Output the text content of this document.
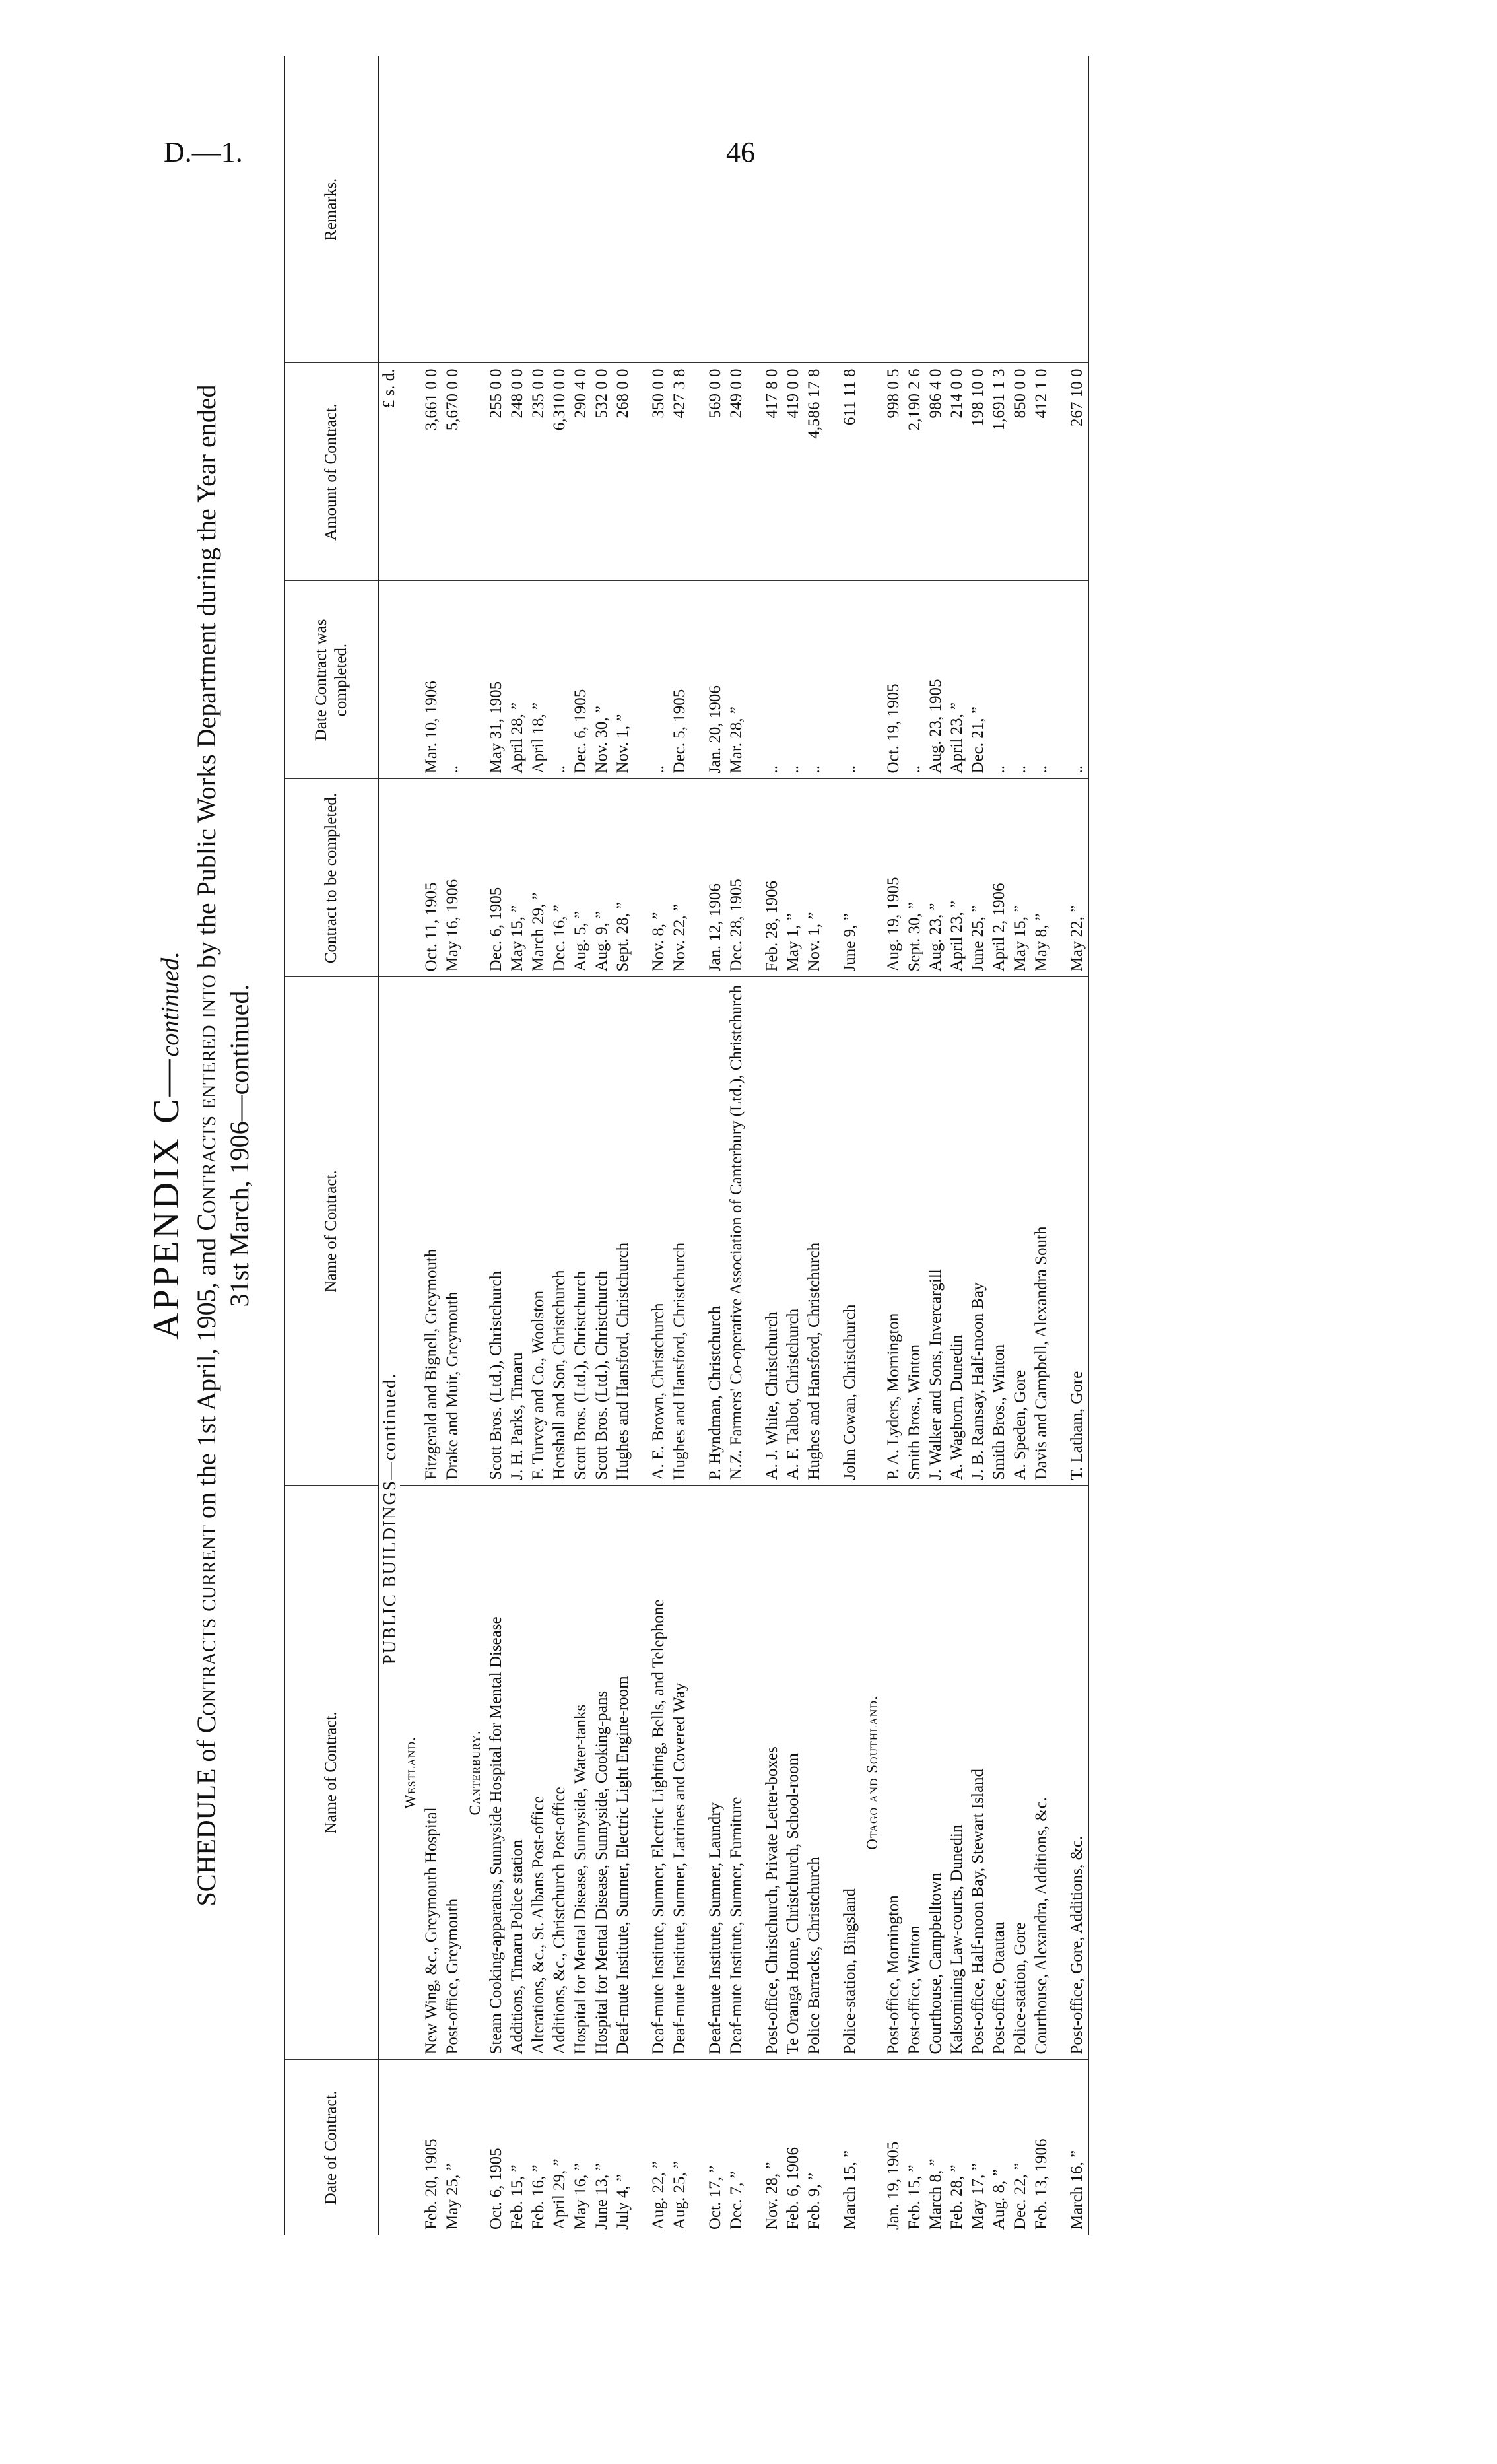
D.—1.	46
APPENDIX C—continued.
SCHEDULE of Contracts current on the 1st April, 1905, and Contracts entered into by the Public Works Department during the Year ended
31st March, 1906—continued.
Date of Contract.	Name of Contract.	Name of Contract.	Contract to be completed.	Date Contract was completed.	Amount of Contract.	Remarks.

	PUBLIC BUILDINGS—continued.				£ s. d.	

	Westland.					

Feb. 20, 1905	New Wing, &c., Greymouth Hospital	Fitzgerald and Bignell, Greymouth	Oct. 11, 1905	Mar. 10, 1906	3,661 0 0	
May 25, ”	Post-office, Greymouth	Drake and Muir, Greymouth	May 16, 1906	..	5,670 0 0	

	Canterbury.					

Oct. 6, 1905	Steam Cooking-apparatus, Sunnyside Hospital for Mental Disease	Scott Bros. (Ltd.), Christchurch	Dec. 6, 1905	May 31, 1905	255 0 0	
Feb. 15, ”	Additions, Timaru Police station	J. H. Parks, Timaru	May 15, ”	April 28, ”	248 0 0	
Feb. 16, ”	Alterations, &c., St. Albans Post-office	F. Turvey and Co., Woolston	March 29, ”	April 18, ”	235 0 0	
April 29, ”	Additions, &c., Christchurch Post-office	Henshall and Son, Christchurch	Dec. 16, ”	..	6,310 0 0	
May 16, ”	Hospital for Mental Disease, Sunnyside, Water-tanks	Scott Bros. (Ltd.), Christchurch	Aug. 5, ”	Dec. 6, 1905	290 4 0	
June 13, ”	Hospital for Mental Disease, Sunnyside, Cooking-pans	Scott Bros. (Ltd.), Christchurch	Aug. 9, ”	Nov. 30, ”	532 0 0	
July 4, ”	Deaf-mute Institute, Sumner, Electric Light Engine-room	Hughes and Hansford, Christchurch	Sept. 28, ”	Nov. 1, ”	268 0 0	

Aug. 22, ”	Deaf-mute Institute, Sumner, Electric Lighting, Bells, and Telephone	A. E. Brown, Christchurch	Nov. 8, ”	..	350 0 0	
Aug. 25, ”	Deaf-mute Institute, Sumner, Latrines and Covered Way	Hughes and Hansford, Christchurch	Nov. 22, ”	Dec. 5, 1905	427 3 8	

Oct. 17, ”	Deaf-mute Institute, Sumner, Laundry	P. Hyndman, Christchurch	Jan. 12, 1906	Jan. 20, 1906	569 0 0	
Dec. 7, ”	Deaf-mute Institute, Sumner, Furniture	N.Z. Farmers' Co-operative Association of Canterbury (Ltd.), Christchurch	Dec. 28, 1905	Mar. 28, ”	249 0 0	

Nov. 28, ”	Post-office, Christchurch, Private Letter-boxes	A. J. White, Christchurch	Feb. 28, 1906	..	417 8 0	
Feb. 6, 1906	Te Oranga Home, Christchurch, School-room	A. F. Talbot, Christchurch	May 1, ”	..	419 0 0	
Feb. 9, ”	Police Barracks, Christchurch	Hughes and Hansford, Christchurch	Nov. 1, ”	..	4,586 17 8	

March 15, ”	Police-station, Bingsland	John Cowan, Christchurch	June 9, ”	..	611 11 8	

	Otago and Southland.					

Jan. 19, 1905	Post-office, Mornington	P. A. Lyders, Mornington	Aug. 19, 1905	Oct. 19, 1905	998 0 5	
Feb. 15, ”	Post-office, Winton	Smith Bros., Winton	Sept. 30, ”	..	2,190 2 6	
March 8, ”	Courthouse, Campbelltown	J. Walker and Sons, Invercargill	Aug. 23, ”	Aug. 23, 1905	986 4 0	
Feb. 28, ”	Kalsomining Law-courts, Dunedin	A. Waghorn, Dunedin	April 23, ”	April 23, ”	214 0 0	
May 17, ”	Post-office, Half-moon Bay, Stewart Island	J. B. Ramsay, Half-moon Bay	June 25, ”	Dec. 21, ”	198 10 0	
Aug. 8, ”	Post-office, Otautau	Smith Bros., Winton	April 2, 1906	..	1,691 1 3	
Dec. 22, ”	Police-station, Gore	A. Speden, Gore	May 15, ”	..	850 0 0	
Feb. 13, 1906	Courthouse, Alexandra, Additions, &c.	Davis and Campbell, Alexandra South	May 8, ”	..	412 1 0	

March 16, ”	Post-office, Gore, Additions, &c.	T. Latham, Gore	May 22, ”	..	267 10 0	
